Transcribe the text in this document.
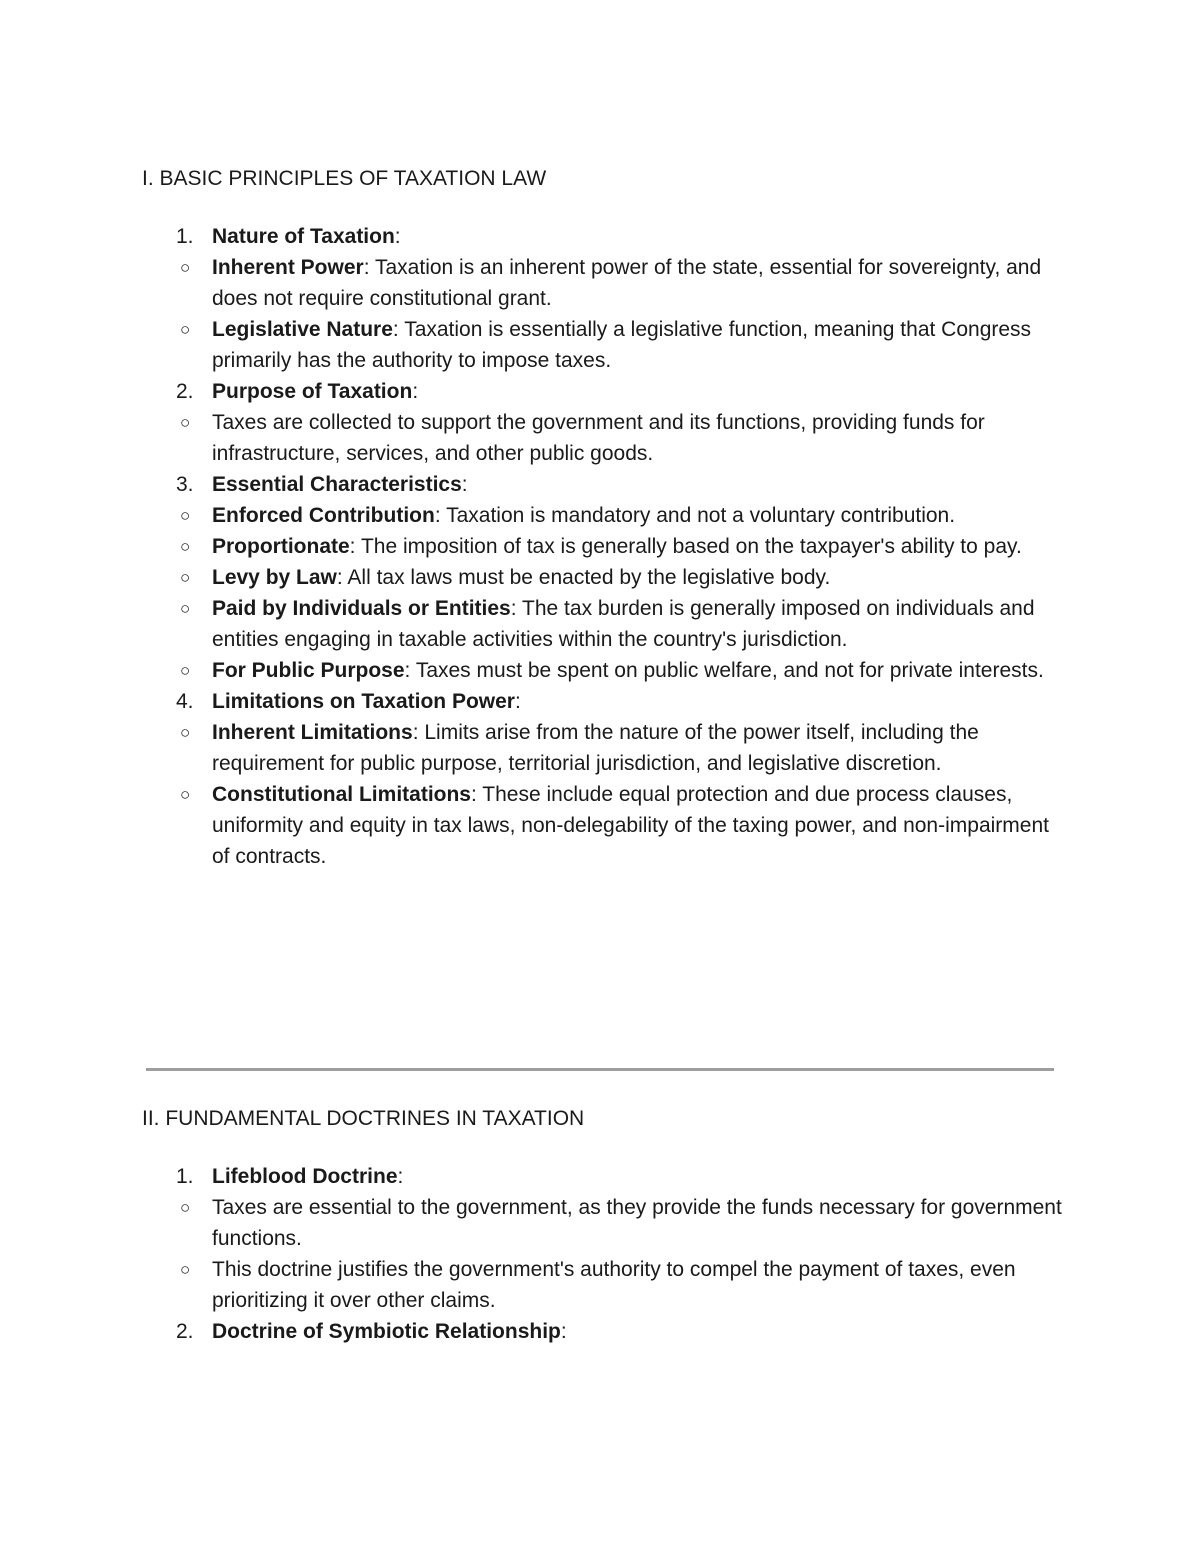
I. BASIC PRINCIPLES OF TAXATION LAW
1. Nature of Taxation:
○ Inherent Power: Taxation is an inherent power of the state, essential for sovereignty, and does not require constitutional grant.
○ Legislative Nature: Taxation is essentially a legislative function, meaning that Congress primarily has the authority to impose taxes.
2. Purpose of Taxation:
○ Taxes are collected to support the government and its functions, providing funds for infrastructure, services, and other public goods.
3. Essential Characteristics:
○ Enforced Contribution: Taxation is mandatory and not a voluntary contribution.
○ Proportionate: The imposition of tax is generally based on the taxpayer's ability to pay.
○ Levy by Law: All tax laws must be enacted by the legislative body.
○ Paid by Individuals or Entities: The tax burden is generally imposed on individuals and entities engaging in taxable activities within the country's jurisdiction.
○ For Public Purpose: Taxes must be spent on public welfare, and not for private interests.
4. Limitations on Taxation Power:
○ Inherent Limitations: Limits arise from the nature of the power itself, including the requirement for public purpose, territorial jurisdiction, and legislative discretion.
○ Constitutional Limitations: These include equal protection and due process clauses, uniformity and equity in tax laws, non-delegability of the taxing power, and non-impairment of contracts.
II. FUNDAMENTAL DOCTRINES IN TAXATION
1. Lifeblood Doctrine:
○ Taxes are essential to the government, as they provide the funds necessary for government functions.
○ This doctrine justifies the government's authority to compel the payment of taxes, even prioritizing it over other claims.
2. Doctrine of Symbiotic Relationship:
